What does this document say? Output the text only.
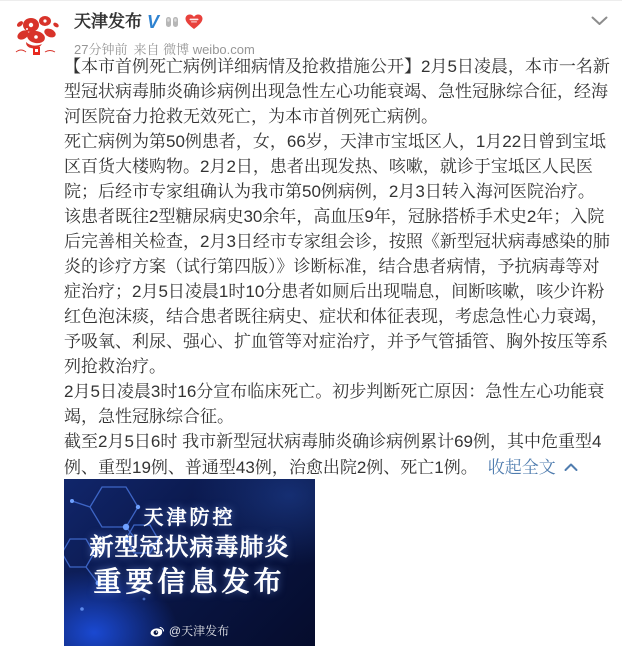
天津发布 V
27分钟前 来自 微博 weibo.com

【本市首例死亡病例详细病情及抢救措施公开】2月5日凌晨，本市一名新型冠状病毒肺炎确诊病例出现急性左心功能衰竭、急性冠脉综合征，经海河医院奋力抢救无效死亡，为本市首例死亡病例。

死亡病例为第50例患者，女，66岁，天津市宝坻区人，1月22日曾到宝坻区百货大楼购物。2月2日，患者出现发热、咳嗽，就诊于宝坻区人民医院；后经市专家组确认为我市第50例病例，2月3日转入海河医院治疗。

该患者既往2型糖尿病史30余年，高血压9年，冠脉搭桥手术史2年；入院后完善相关检查，2月3日经市专家组会诊，按照《新型冠状病毒感染的肺炎的诊疗方案（试行第四版）》诊断标准，结合患者病情，予抗病毒等对症治疗；2月5日凌晨1时10分患者如厕后出现喘息，间断咳嗽，咳少许粉红色泡沫痰，结合患者既往病史、症状和体征表现，考虑急性心力衰竭，予吸氧、利尿、强心、扩血管等对症治疗，并予气管插管、胸外按压等系列抢救治疗。

2月5日凌晨3时16分宣布临床死亡。初步判断死亡原因：急性左心功能衰竭，急性冠脉综合征。

截至2月5日6时 我市新型冠状病毒肺炎确诊病例累计69例，其中危重型4例、重型19例、普通型43例，治愈出院2例、死亡1例。 收起全文

天津防控
新型冠状病毒肺炎
重要信息发布
@天津发布
